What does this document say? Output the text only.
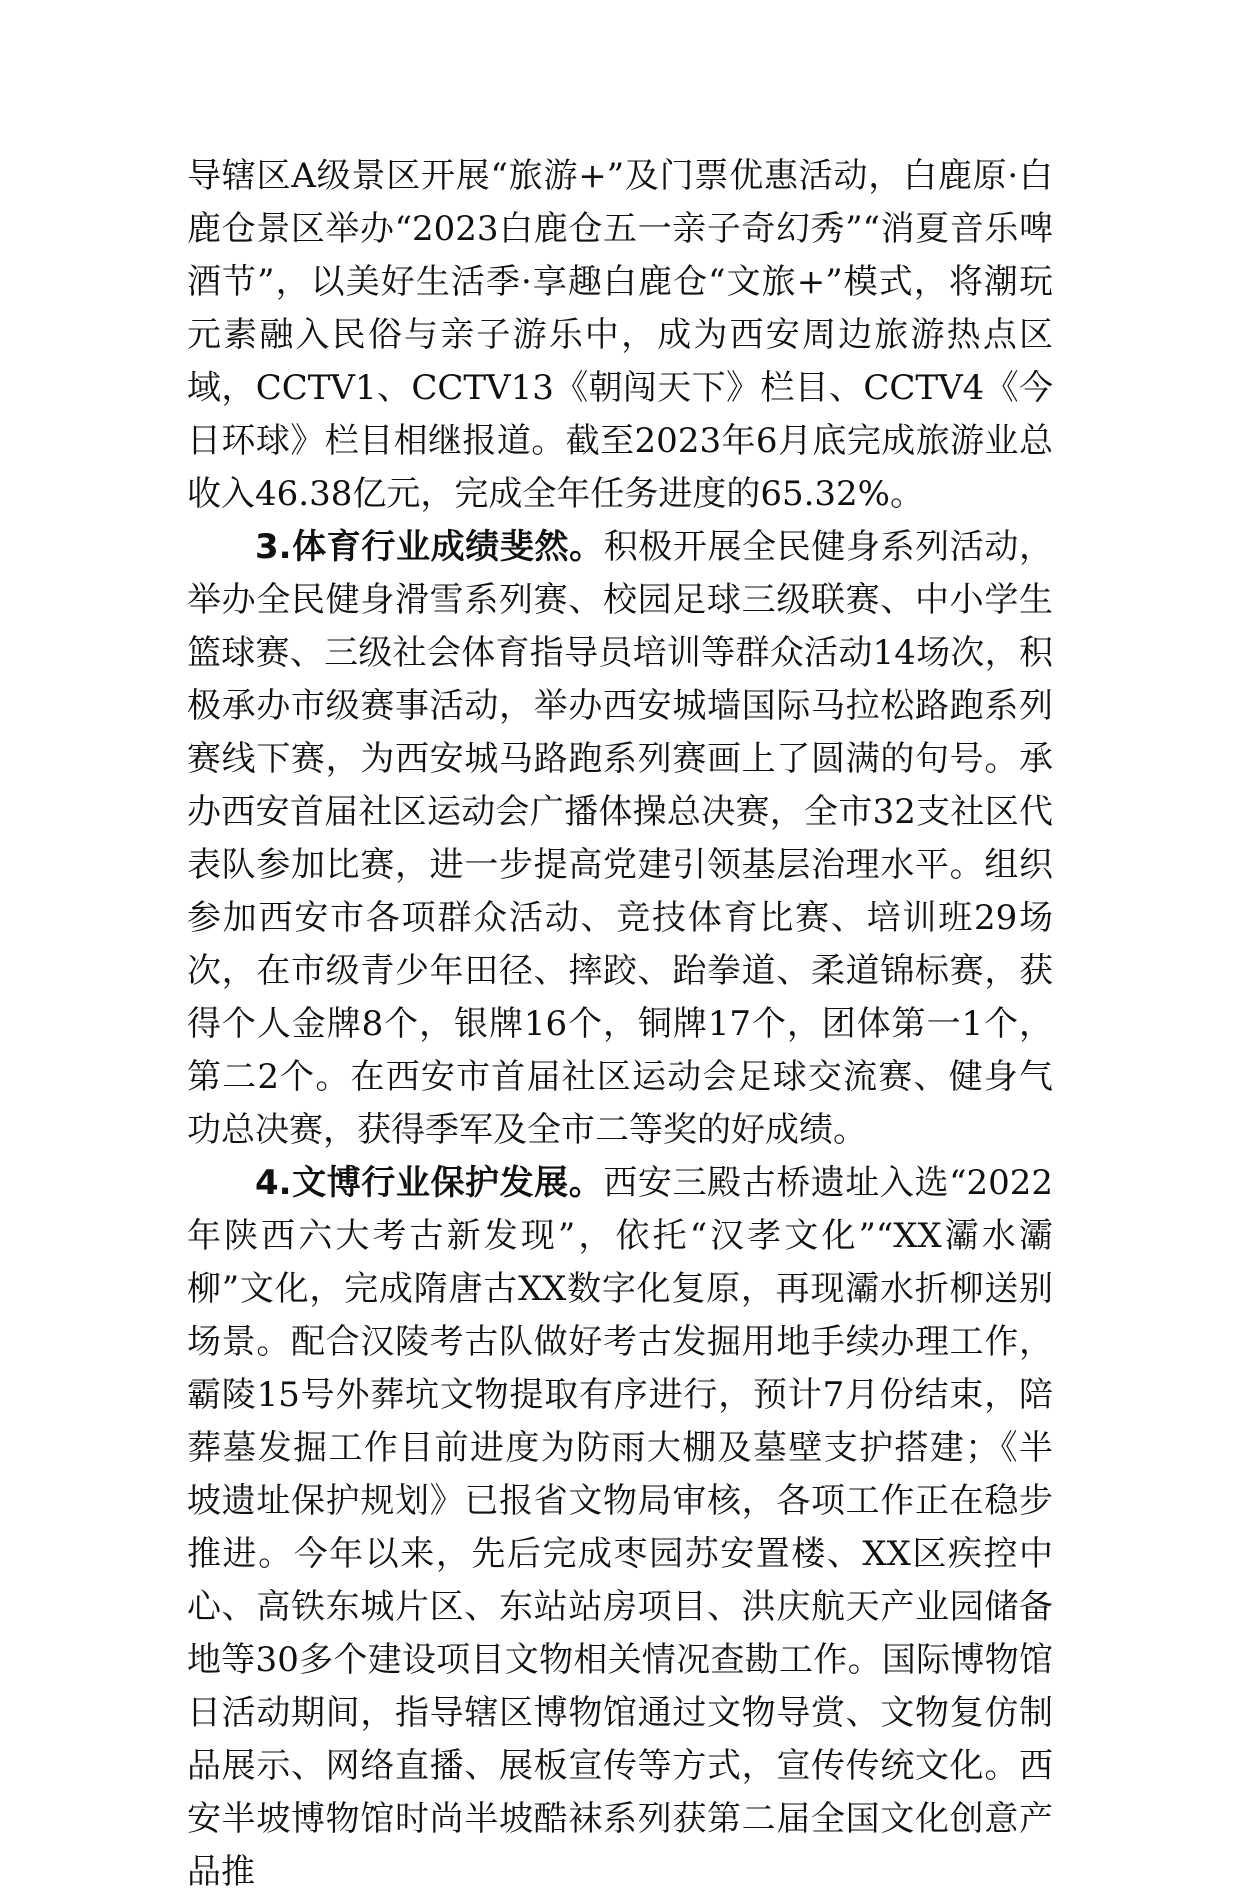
导辖区A级景区开展“旅游+”及门票优惠活动，白鹿原·白鹿仓景区举办“2023白鹿仓五一亲子奇幻秀”“消夏音乐啤酒节”，以美好生活季·享趣白鹿仓“文旅+”模式，将潮玩元素融入民俗与亲子游乐中，成为西安周边旅游热点区域，CCTV1、CCTV13《朝闯天下》栏目、CCTV4《今日环球》栏目相继报道。截至2023年6月底完成旅游业总收入46.38亿元，完成全年任务进度的65.32%。

3.体育行业成绩斐然。积极开展全民健身系列活动，举办全民健身滑雪系列赛、校园足球三级联赛、中小学生篮球赛、三级社会体育指导员培训等群众活动14场次，积极承办市级赛事活动，举办西安城墙国际马拉松路跑系列赛线下赛，为西安城马路跑系列赛画上了圆满的句号。承办西安首届社区运动会广播体操总决赛，全市32支社区代表队参加比赛，进一步提高党建引领基层治理水平。组织参加西安市各项群众活动、竞技体育比赛、培训班29场次，在市级青少年田径、摔跤、跆拳道、柔道锦标赛，获得个人金牌8个，银牌16个，铜牌17个，团体第一1个，第二2个。在西安市首届社区运动会足球交流赛、健身气功总决赛，获得季军及全市二等奖的好成绩。

4.文博行业保护发展。西安三殿古桥遗址入选“2022年陕西六大考古新发现”，依托“汉孝文化”“XX灞水灞柳”文化，完成隋唐古XX数字化复原，再现灞水折柳送别场景。配合汉陵考古队做好考古发掘用地手续办理工作，霸陵15号外葬坑文物提取有序进行，预计7月份结束，陪葬墓发掘工作目前进度为防雨大棚及墓壁支护搭建；《半坡遗址保护规划》已报省文物局审核，各项工作正在稳步推进。今年以来，先后完成枣园苏安置楼、XX区疾控中心、高铁东城片区、东站站房项目、洪庆航天产业园储备地等30多个建设项目文物相关情况查勘工作。国际博物馆日活动期间，指导辖区博物馆通过文物导赏、文物复仿制品展示、网络直播、展板宣传等方式，宣传传统文化。西安半坡博物馆时尚半坡酷袜系列获第二届全国文化创意产品推
